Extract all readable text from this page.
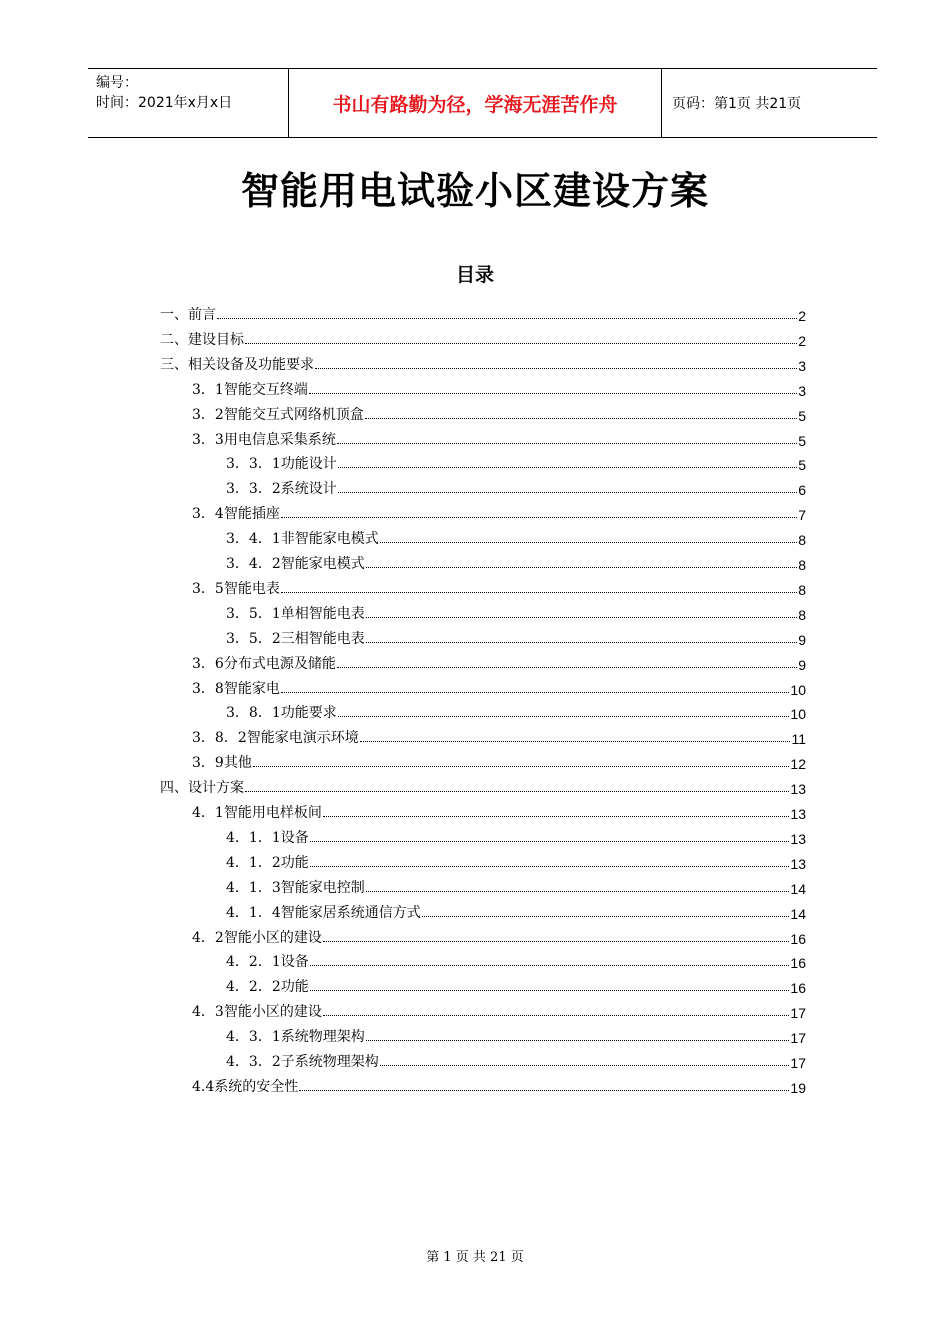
编号：
时间：2021年x月x日	书山有路勤为径，学海无涯苦作舟	页码：第1页 共21页
智能用电试验小区建设方案
目录
一、前言	2
二、建设目标	2
三、相关设备及功能要求	3
3．1智能交互终端	3
3．2智能交互式网络机顶盒	5
3．3用电信息采集系统	5
3．3．1功能设计	5
3．3．2系统设计	6
3．4智能插座	7
3．4．1非智能家电模式	8
3．4．2智能家电模式	8
3．5智能电表	8
3．5．1单相智能电表	8
3．5．2三相智能电表	9
3．6分布式电源及储能	9
3．8智能家电	10
3．8．1功能要求	10
3．8．2智能家电演示环境	11
3．9其他	12
四、设计方案	13
4．1智能用电样板间	13
4．1．1设备	13
4．1．2功能	13
4．1．3智能家电控制	14
4．1．4智能家居系统通信方式	14
4．2智能小区的建设	16
4．2．1设备	16
4．2．2功能	16
4．3智能小区的建设	17
4．3．1系统物理架构	17
4．3．2子系统物理架构	17
4.4系统的安全性	19
第 1 页 共 21 页
